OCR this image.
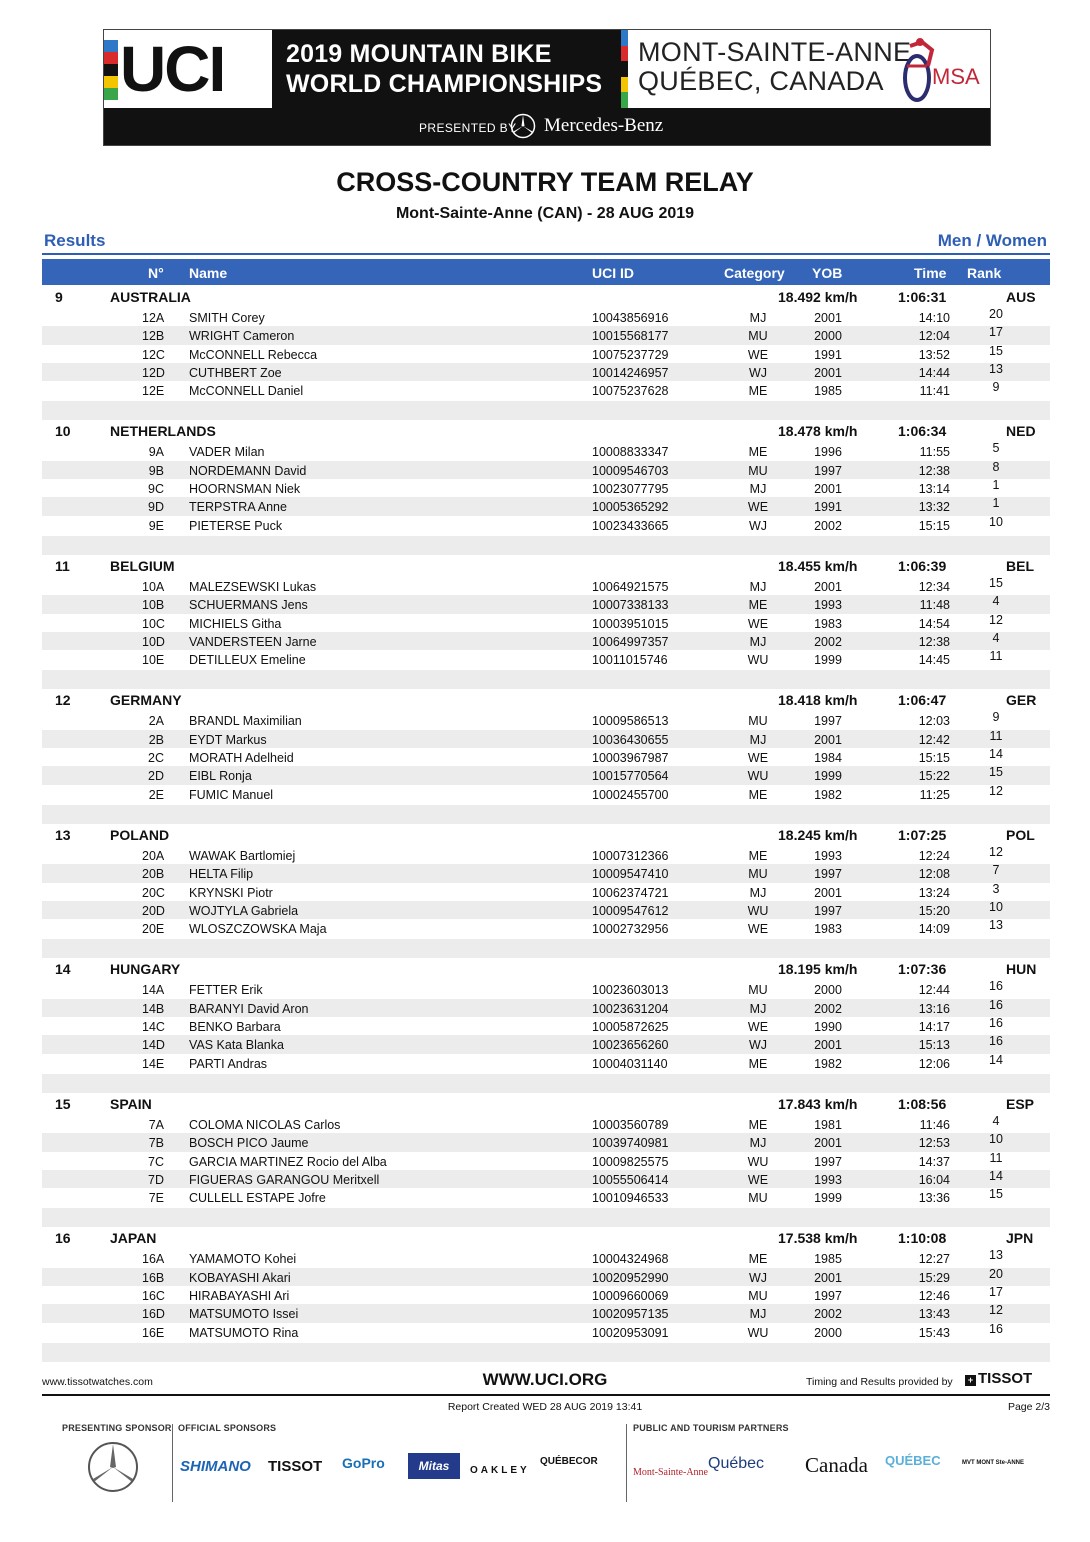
UCI 2019 MOUNTAIN BIKE
WORLD CHAMPIONSHIPS
MONT-SAINTE-ANNE
QUÉBEC, CANADA	MSA
PRESENTED BY Mercedes-Benz
CROSS-COUNTRY TEAM RELAY
Mont-Sainte-Anne (CAN) - 28 AUG 2019
Results	Men / Women
N° Name	UCI ID	Category YOB	Time Rank
9	AUSTRALIA	18.492 km/h	1:06:31	AUS
12A SMITH Corey	10043856916	MJ	2001	14:10	20
12B WRIGHT Cameron	10015568177	MU	2000	12:04	17
12C McCONNELL Rebecca	10075237729	WE	1991	13:52	15
12D CUTHBERT Zoe	10014246957	WJ	2001	14:44	13
12E McCONNELL Daniel	10075237628	ME	1985	11:41	9
10	NETHERLANDS	18.478 km/h	1:06:34	NED
9A VADER Milan	10008833347	ME	1996	11:55	5
9B NORDEMANN David	10009546703	MU	1997	12:38	8
9C HOORNSMAN Niek	10023077795	MJ	2001	13:14	1
9D TERPSTRA Anne	10005365292	WE	1991	13:32	1
9E PIETERSE Puck	10023433665	WJ	2002	15:15	10
11	BELGIUM	18.455 km/h	1:06:39	BEL
10A MALEZSEWSKI Lukas	10064921575	MJ	2001	12:34	15
10B SCHUERMANS Jens	10007338133	ME	1993	11:48	4
10C MICHIELS Githa	10003951015	WE	1983	14:54	12
10D VANDERSTEEN Jarne	10064997357	MJ	2002	12:38	4
10E DETILLEUX Emeline	10011015746	WU	1999	14:45	11
12	GERMANY	18.418 km/h	1:06:47	GER
2A BRANDL Maximilian	10009586513	MU	1997	12:03	9
2B EYDT Markus	10036430655	MJ	2001	12:42	11
2C MORATH Adelheid	10003967987	WE	1984	15:15	14
2D EIBL Ronja	10015770564	WU	1999	15:22	15
2E FUMIC Manuel	10002455700	ME	1982	11:25	12
13	POLAND	18.245 km/h	1:07:25	POL
20A WAWAK Bartlomiej	10007312366	ME	1993	12:24	12
20B HELTA Filip	10009547410	MU	1997	12:08	7
20C KRYNSKI Piotr	10062374721	MJ	2001	13:24	3
20D WOJTYLA Gabriela	10009547612	WU	1997	15:20	10
20E WLOSZCZOWSKA Maja	10002732956	WE	1983	14:09	13
14	HUNGARY	18.195 km/h	1:07:36	HUN
14A FETTER Erik	10023603013	MU	2000	12:44	16
14B BARANYI David Aron	10023631204	MJ	2002	13:16	16
14C BENKO Barbara	10005872625	WE	1990	14:17	16
14D VAS Kata Blanka	10023656260	WJ	2001	15:13	16
14E PARTI Andras	10004031140	ME	1982	12:06	14
15	SPAIN	17.843 km/h	1:08:56	ESP
7A COLOMA NICOLAS Carlos	10003560789	ME	1981	11:46	4
7B BOSCH PICO Jaume	10039740981	MJ	2001	12:53	10
7C GARCIA MARTINEZ Rocio del Alba	10009825575	WU	1997	14:37	11
7D FIGUERAS GARANGOU Meritxell	10055506414	WE	1993	16:04	14
7E CULLELL ESTAPE Jofre	10010946533	MU	1999	13:36	15
16	JAPAN	17.538 km/h	1:10:08	JPN
16A YAMAMOTO Kohei	10004324968	ME	1985	12:27	13
16B KOBAYASHI Akari	10020952990	WJ	2001	15:29	20
16C HIRABAYASHI Ari	10009660069	MU	1997	12:46	17
16D MATSUMOTO Issei	10020957135	MJ	2002	13:43	12
16E MATSUMOTO Rina	10020953091	WU	2000	15:43	16
www.tissotwatches.com	WWW.UCI.ORG	Timing and Results provided by	+ TISSOT
Report Created WED 28 AUG 2019 13:41	Page 2/3
PRESENTING SPONSOR OFFICIAL SPONSORS	PUBLIC AND TOURISM PARTNERS
SHIMANO TISSOT GoPro	Mitas	OAKLEY
QUÉBECOR
Mont-Sainte-Anne
Québec Canada QUÉBEC	MVT MONT Ste-ANNE
